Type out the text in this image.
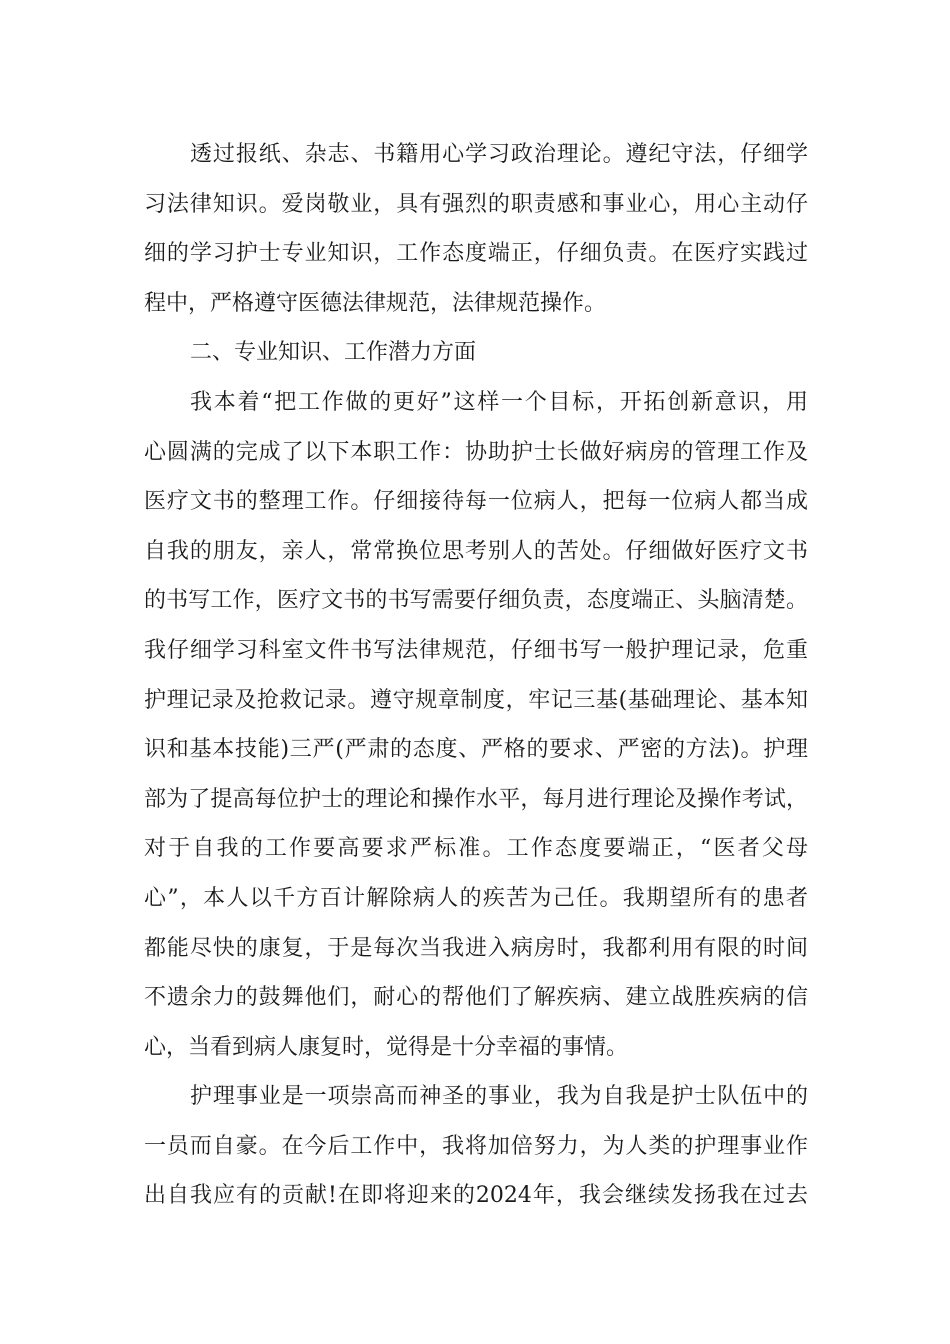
透过报纸、杂志、书籍用心学习政治理论。遵纪守法，仔细学
习法律知识。爱岗敬业，具有强烈的职责感和事业心，用心主动仔
细的学习护士专业知识，工作态度端正，仔细负责。在医疗实践过
程中，严格遵守医德法律规范，法律规范操作。
二、专业知识、工作潜力方面
我本着“把工作做的更好”这样一个目标，开拓创新意识，用
心圆满的完成了以下本职工作：协助护士长做好病房的管理工作及
医疗文书的整理工作。仔细接待每一位病人，把每一位病人都当成
自我的朋友，亲人，常常换位思考别人的苦处。仔细做好医疗文书
的书写工作，医疗文书的书写需要仔细负责，态度端正、头脑清楚。
我仔细学习科室文件书写法律规范，仔细书写一般护理记录，危重
护理记录及抢救记录。遵守规章制度，牢记三基(基础理论、基本知
识和基本技能)三严(严肃的态度、严格的要求、严密的方法)。护理
部为了提高每位护士的理论和操作水平，每月进行理论及操作考试，
对于自我的工作要高要求严标准。工作态度要端正，“医者父母
心”，本人以千方百计解除病人的疾苦为己任。我期望所有的患者
都能尽快的康复，于是每次当我进入病房时，我都利用有限的时间
不遗余力的鼓舞他们，耐心的帮他们了解疾病、建立战胜疾病的信
心，当看到病人康复时，觉得是十分幸福的事情。
护理事业是一项崇高而神圣的事业，我为自我是护士队伍中的
一员而自豪。在今后工作中，我将加倍努力，为人类的护理事业作
出自我应有的贡献!在即将迎来的2024年，我会继续发扬我在过去
